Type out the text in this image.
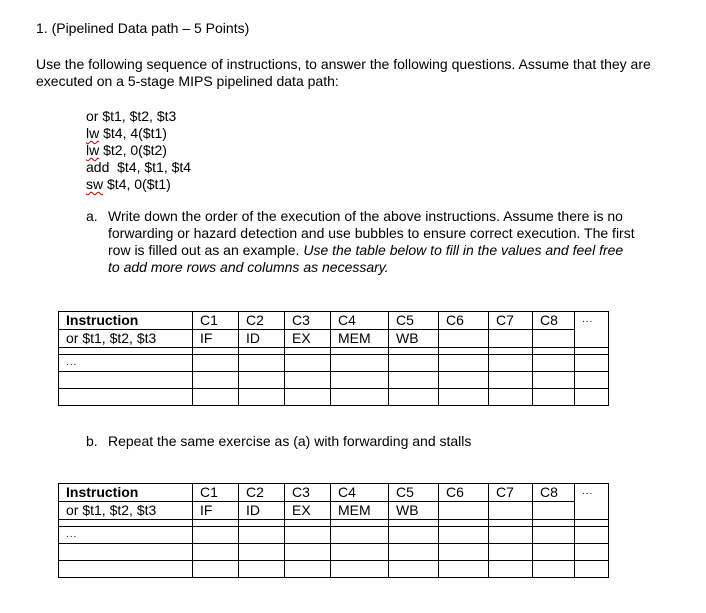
1. (Pipelined Data path – 5 Points)
Use the following sequence of instructions, to answer the following questions. Assume that they are executed on a 5-stage MIPS pipelined data path:
or $t1, $t2, $t3
lw $t4, 4($t1)
lw $t2, 0($t2)
add $t4, $t1, $t4
sw $t4, 0($t1)
a. Write down the order of the execution of the above instructions. Assume there is no forwarding or hazard detection and use bubbles to ensure correct execution. The first row is filled out as an example. Use the table below to fill in the values and feel free to add more rows and columns as necessary.
Instruction	C1	C2	C3	C4	C5	C6	C7	C8	...
or $t1, $t2, $t3	IF	ID	EX	MEM	WB				

...									

b. Repeat the same exercise as (a) with forwarding and stalls
Instruction	C1	C2	C3	C4	C5	C6	C7	C8	...
or $t1, $t2, $t3	IF	ID	EX	MEM	WB				

...									
